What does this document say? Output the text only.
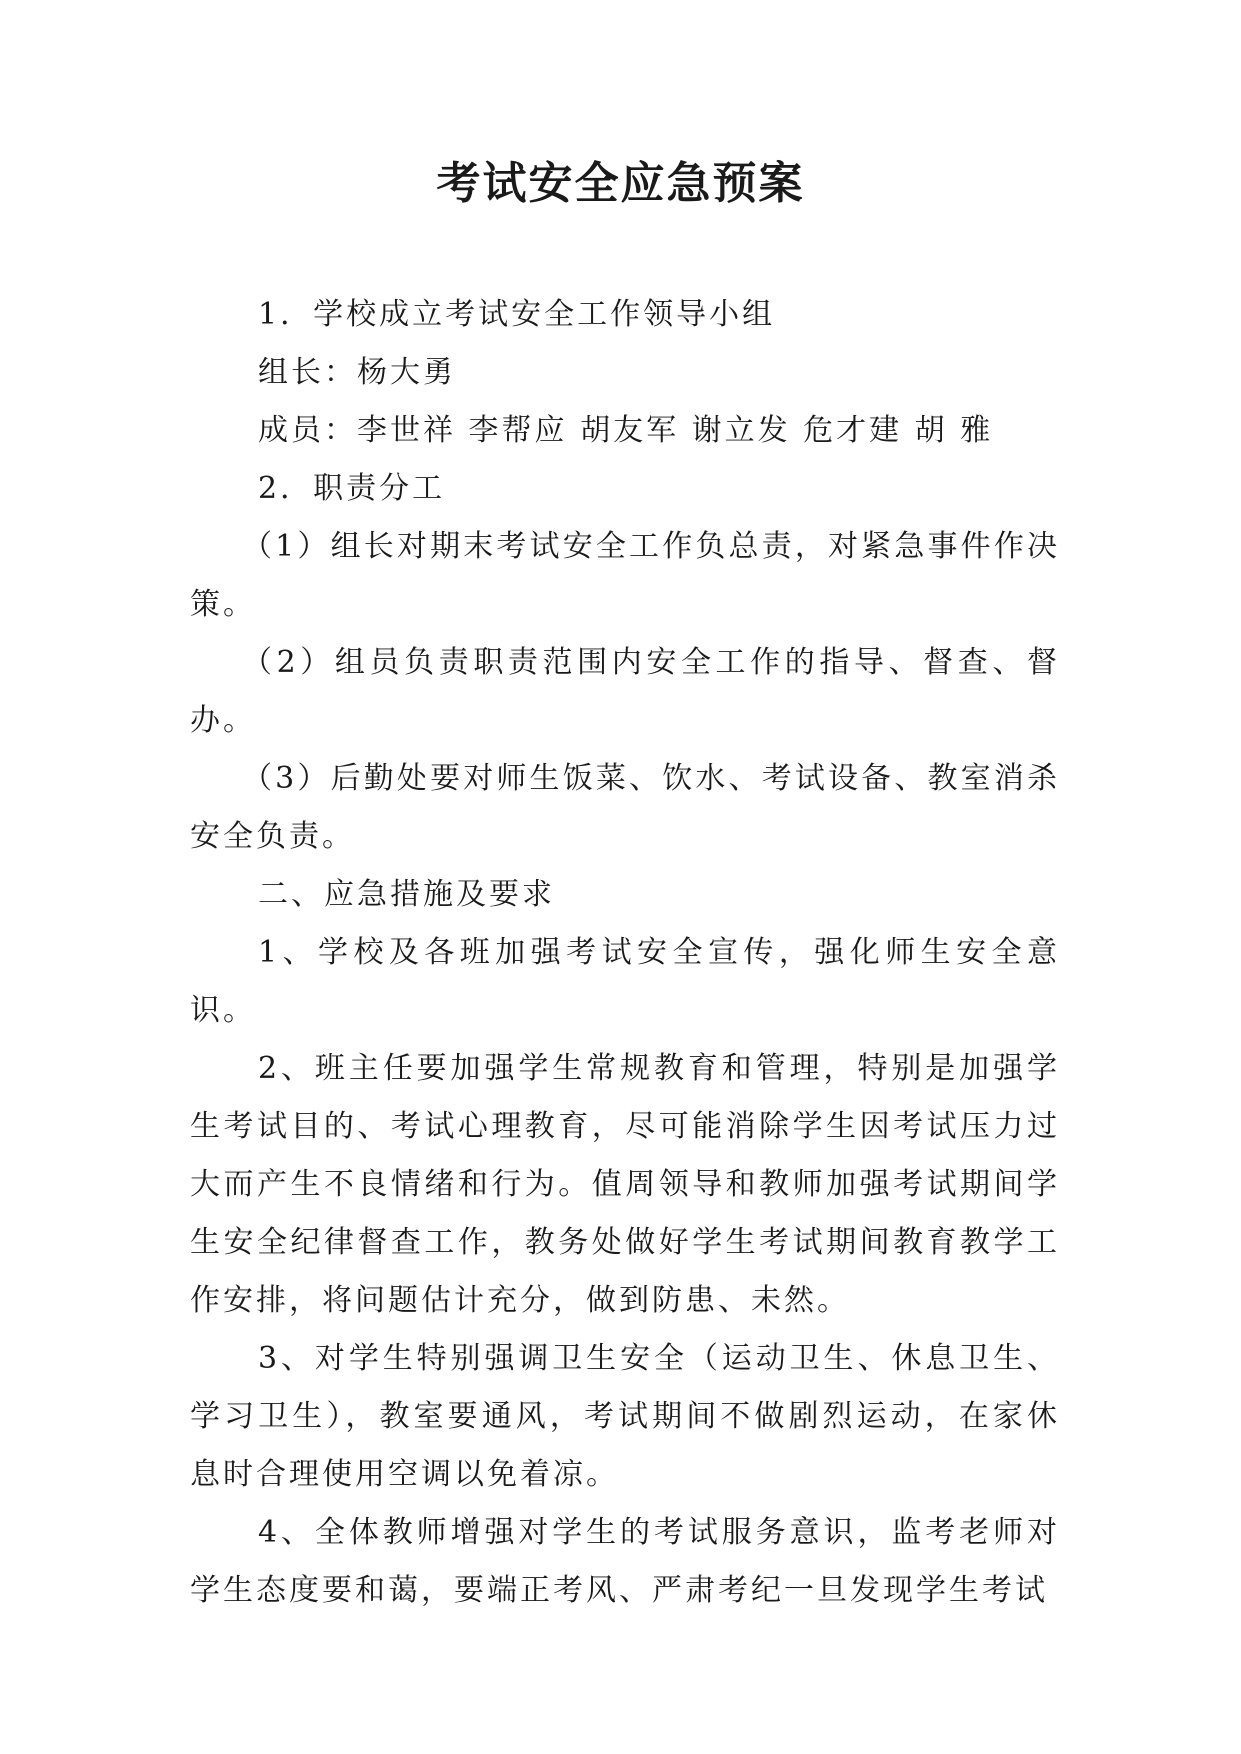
考试安全应急预案

1．学校成立考试安全工作领导小组

组长：杨大勇

成员：李世祥 李帮应 胡友军 谢立发 危才建 胡 雅

2．职责分工

（1）组长对期末考试安全工作负总责，对紧急事件作决策。

（2）组员负责职责范围内安全工作的指导、督查、督办。

（3）后勤处要对师生饭菜、饮水、考试设备、教室消杀安全负责。

二、应急措施及要求

1、学校及各班加强考试安全宣传，强化师生安全意识。

2、班主任要加强学生常规教育和管理，特别是加强学生考试目的、考试心理教育，尽可能消除学生因考试压力过大而产生不良情绪和行为。值周领导和教师加强考试期间学生安全纪律督查工作，教务处做好学生考试期间教育教学工作安排，将问题估计充分，做到防患、未然。

3、对学生特别强调卫生安全（运动卫生、休息卫生、学习卫生），教室要通风，考试期间不做剧烈运动，在家休息时合理使用空调以免着凉。

4、全体教师增强对学生的考试服务意识，监考老师对学生态度要和蔼，要端正考风、严肃考纪一旦发现学生考试
